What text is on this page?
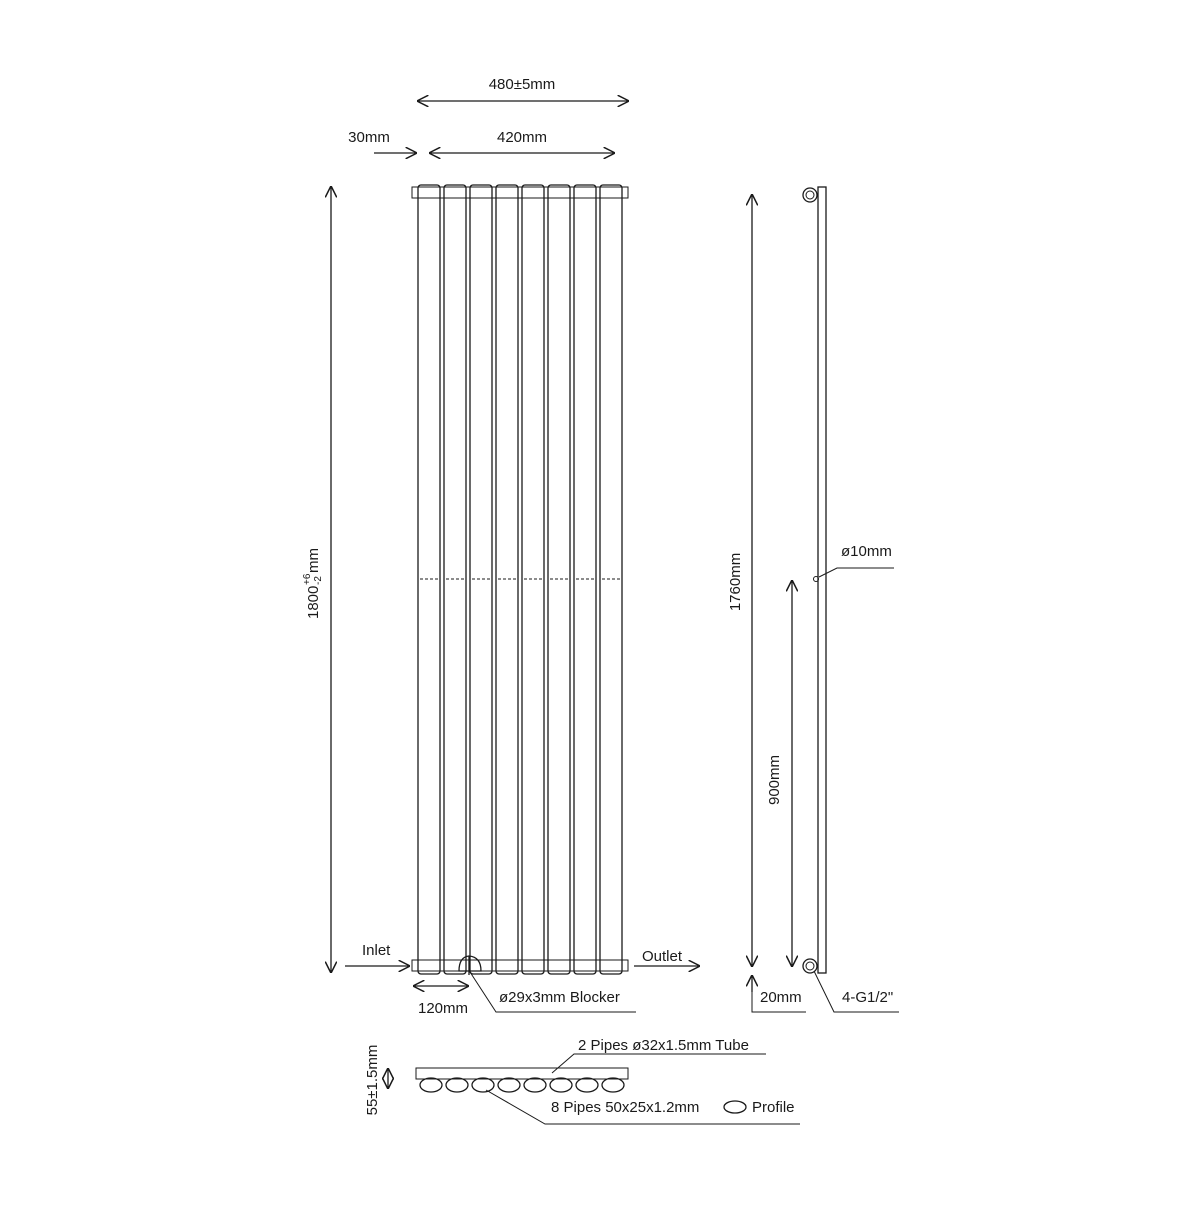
480±5mm
30mm	420mm
1800
+6 -2
mm
Inlet	Outlet
120mm
ø29x3mm Blocker
1760mm
900mm
20mm
ø10mm
4-G1/2"
55±1.5mm	2 Pipes ø32x1.5mm Tube
8 Pipes 50x25x1.2mm	Profile
